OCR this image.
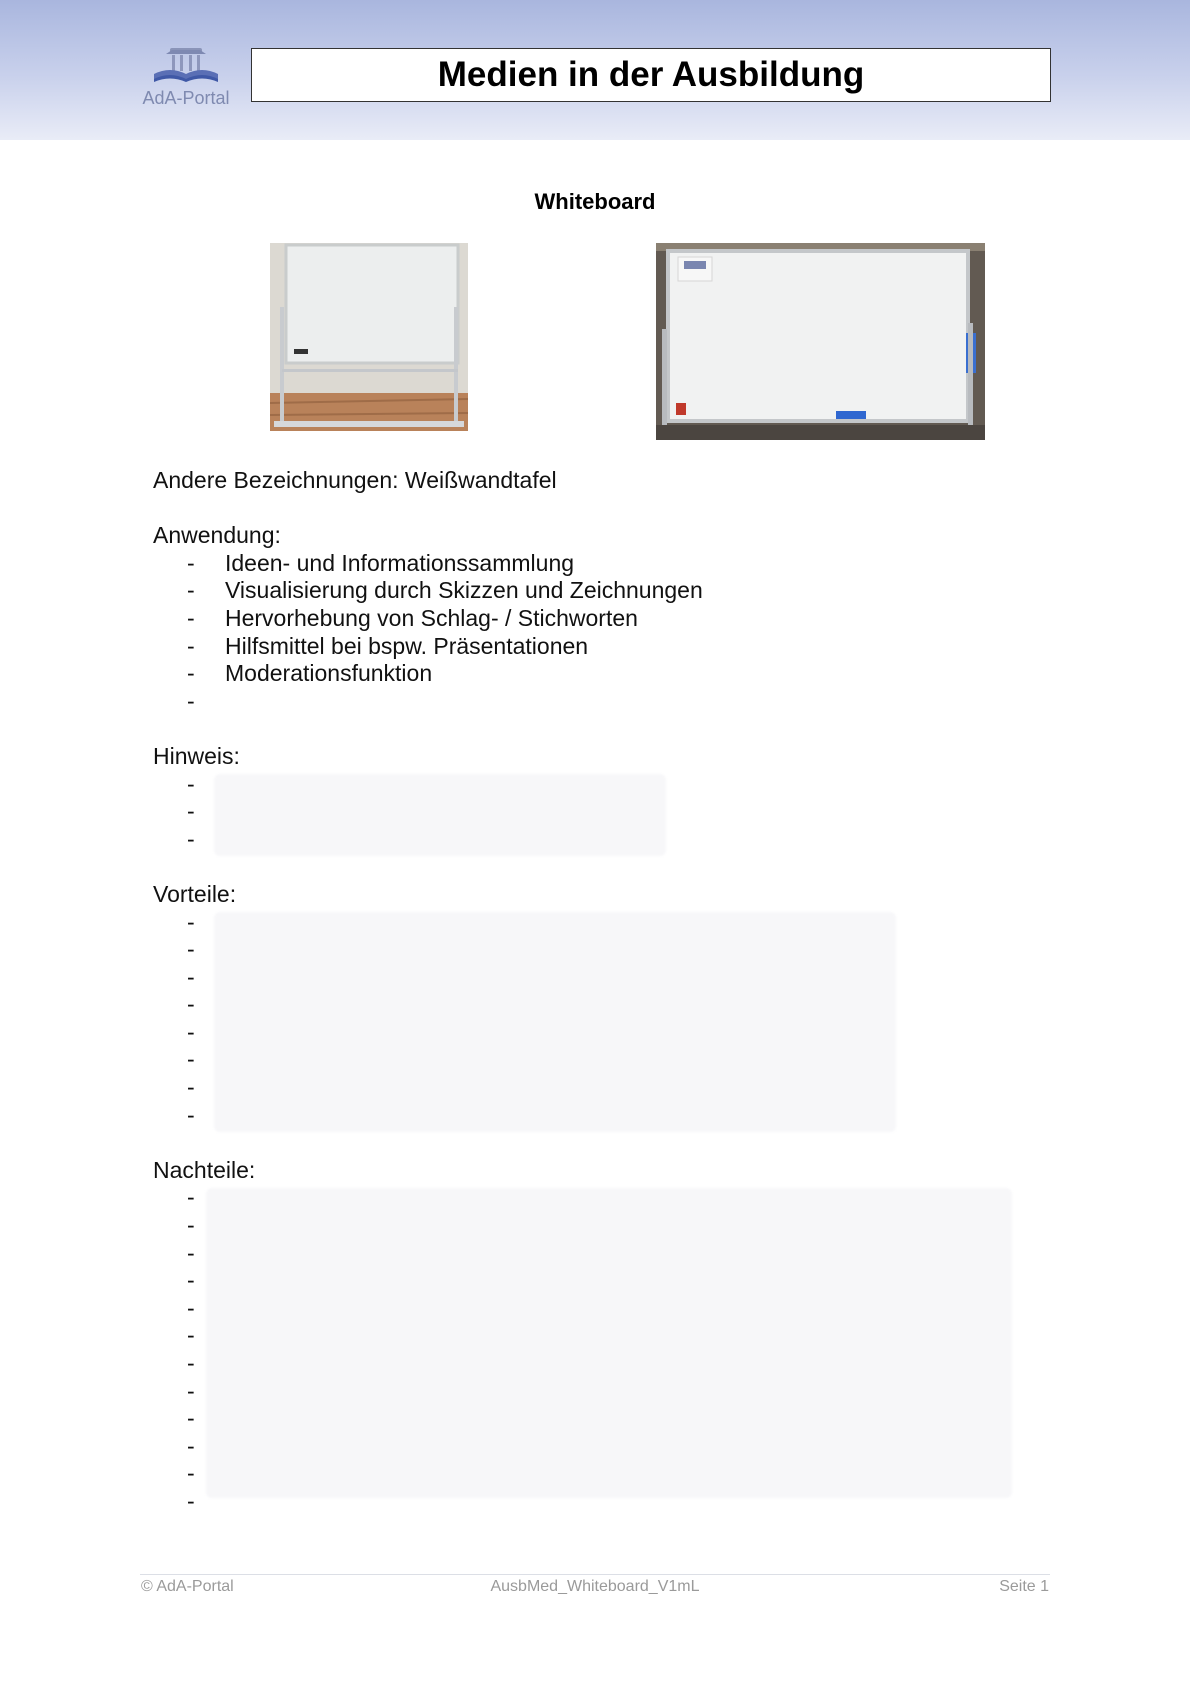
AdA-Portal
Medien in der Ausbildung
Whiteboard
Andere Bezeichnungen: Weißwandtafel
Anwendung:
- Ideen- und Informationssammlung
- Visualisierung durch Skizzen und Zeichnungen
- Hervorhebung von Schlag- / Stichworten
- Hilfsmittel bei bspw. Präsentationen
- Moderationsfunktion
-
Hinweis:
-
-
-
Vorteile:
-
-
-
-
-
-
-
-
Nachteile:
-
-
-
-
-
-
-
-
-
-
-
-
© AdA-Portal	AusbMed_Whiteboard_V1mL	Seite 1
